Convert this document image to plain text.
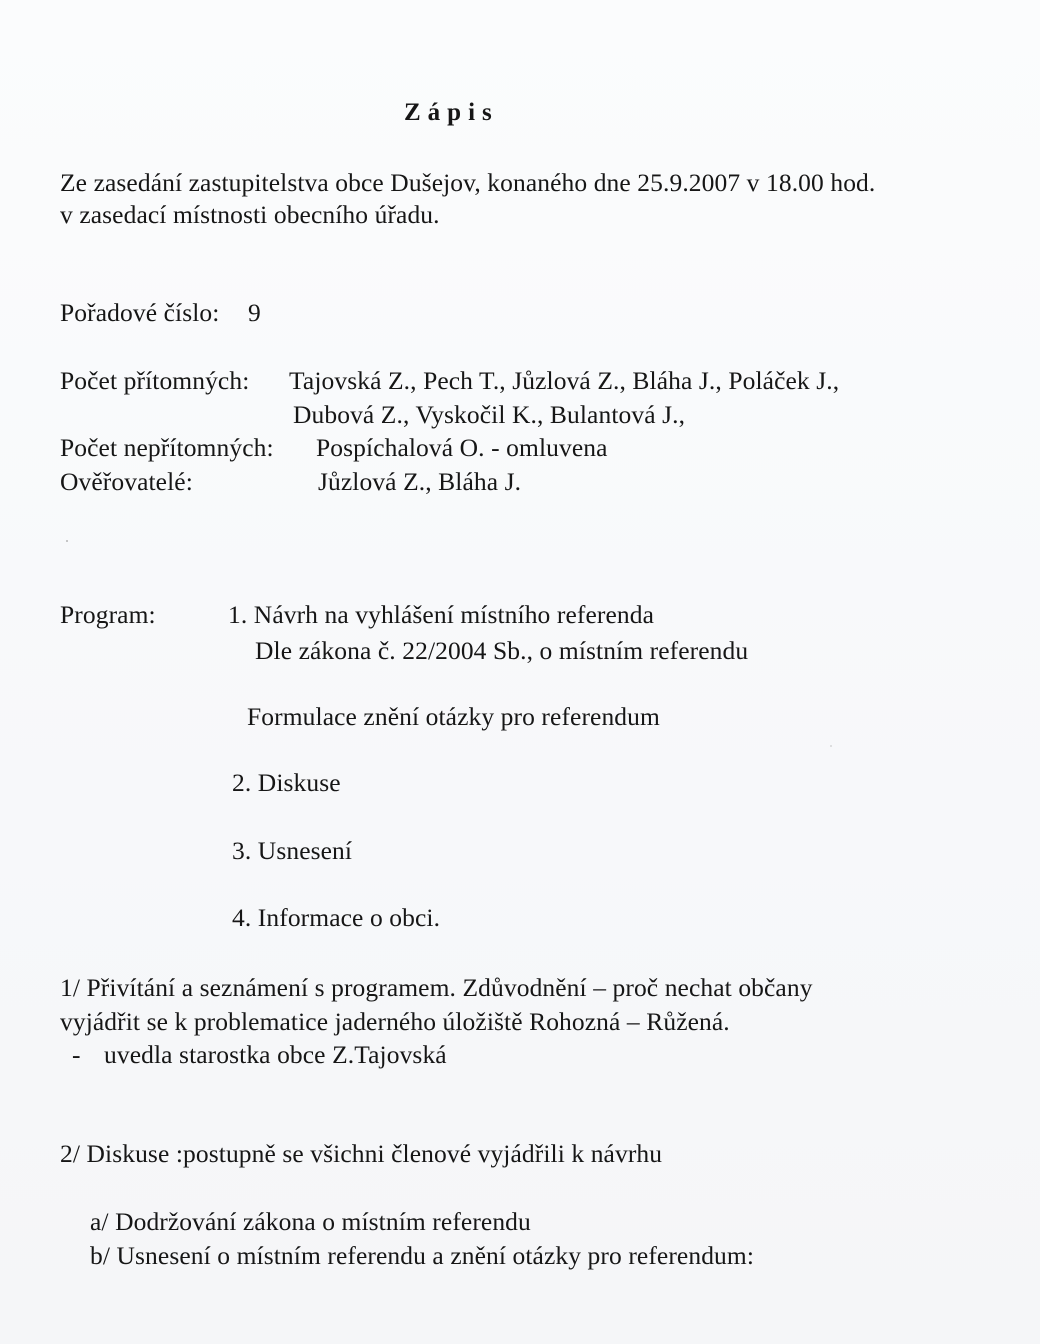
Zápis
Ze zasedání zastupitelstva obce Dušejov, konaného dne 25.9.2007 v 18.00 hod.
v zasedací místnosti obecního úřadu.
Pořadové číslo: 9
Počet přítomných: Tajovská Z., Pech T., Jůzlová Z., Bláha J., Poláček J.,
Dubová Z., Vyskočil K., Bulantová J.,
Počet nepřítomných: Pospíchalová O. - omluvena
Ověřovatelé:	Jůzlová Z., Bláha J.
Program:	1. Návrh na vyhlášení místního referenda
Dle zákona č. 22/2004 Sb., o místním referendu
Formulace znění otázky pro referendum
2. Diskuse
3. Usnesení
4. Informace o obci.
1/ Přivítání a seznámení s programem. Zdůvodnění – proč nechat občany
vyjádřit se k problematice jaderného úložiště Rohozná – Růžená.
- uvedla starostka obce Z.Tajovská
2/ Diskuse :postupně se všichni členové vyjádřili k návrhu
a/ Dodržování zákona o místním referendu
b/ Usnesení o místním referendu a znění otázky pro referendum:
